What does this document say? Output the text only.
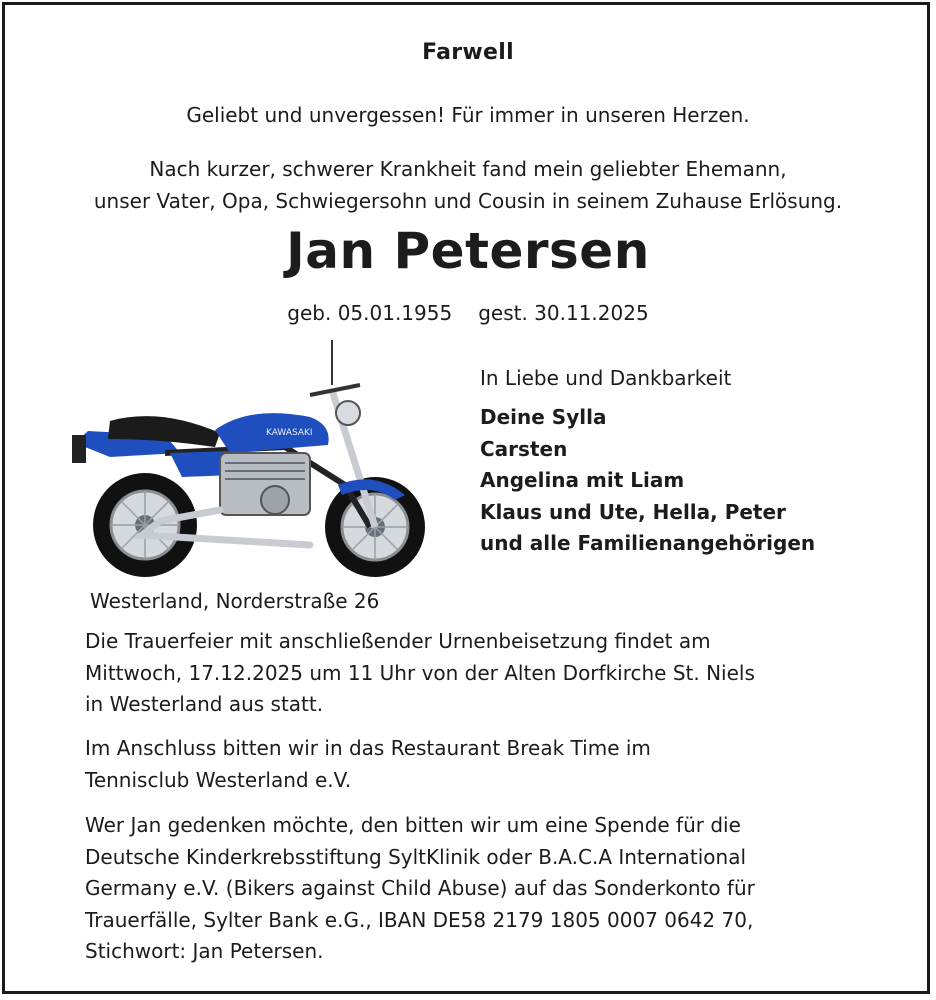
Farwell
Geliebt und unvergessen! Für immer in unseren Herzen.
Nach kurzer, schwerer Krankheit fand mein geliebter Ehemann,
unser Vater, Opa, Schwiegersohn und Cousin in seinem Zuhause Erlösung.
Jan Petersen
geb. 05.01.1955 gest. 30.11.2025
KAWASAKI
In Liebe und Dankbarkeit
Deine Sylla
Carsten
Angelina mit Liam
Klaus und Ute, Hella, Peter
und alle Familienangehörigen
Westerland, Norderstraße 26

Die Trauerfeier mit anschließender Urnenbeisetzung findet am
Mittwoch, 17.12.2025 um 11 Uhr von der Alten Dorfkirche St. Niels
in Westerland aus statt.

Im Anschluss bitten wir in das Restaurant Break Time im
Tennisclub Westerland e.V.

Wer Jan gedenken möchte, den bitten wir um eine Spende für die
Deutsche Kinderkrebsstiftung SyltKlinik oder B.A.C.A International
Germany e.V. (Bikers against Child Abuse) auf das Sonderkonto für
Trauerfälle, Sylter Bank e.G., IBAN DE58 2179 1805 0007 0642 70,
Stichwort: Jan Petersen.
